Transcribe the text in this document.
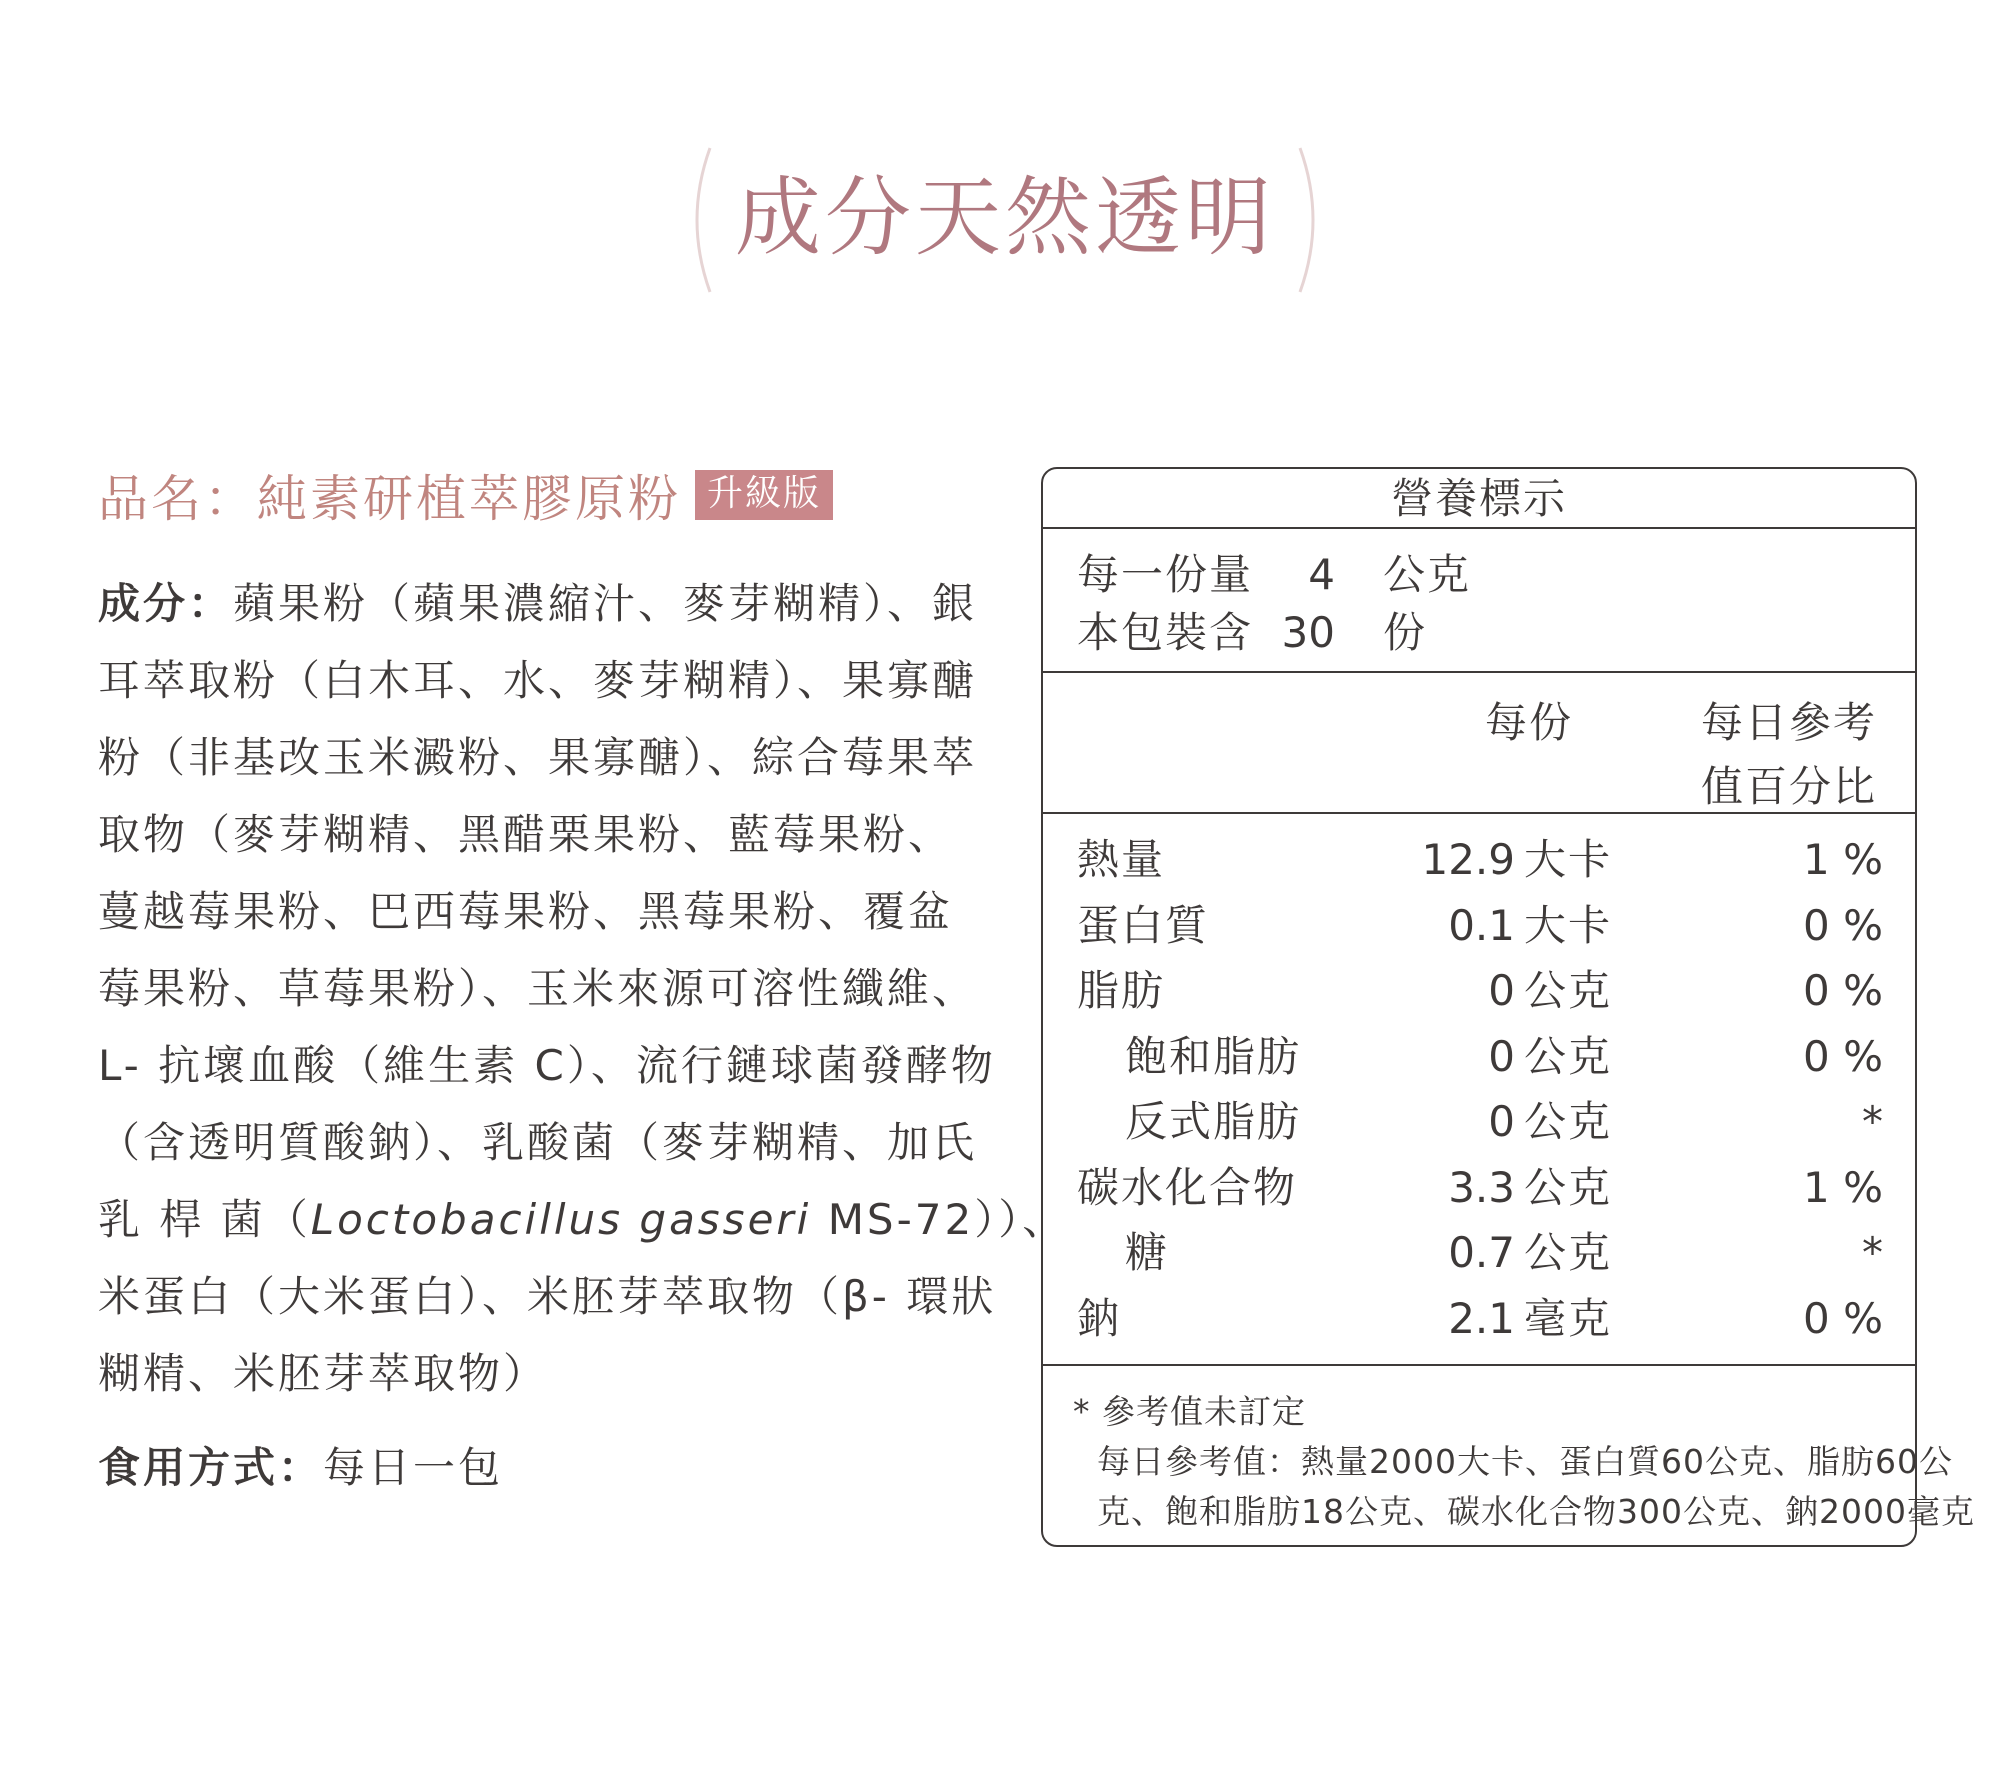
成分天然透明
品名：純素研植萃膠原粉 升級版
成分：蘋果粉（蘋果濃縮汁、麥芽糊精）、銀
耳萃取粉（白木耳、水、麥芽糊精）、果寡醣
粉（非基改玉米澱粉、果寡醣）、綜合莓果萃
取物（麥芽糊精、黑醋栗果粉、藍莓果粉、
蔓越莓果粉、巴西莓果粉、黑莓果粉、覆盆
莓果粉、草莓果粉）、玉米來源可溶性纖維、
L- 抗壞血酸（維生素 C）、流行鏈球菌發酵物
（含透明質酸鈉）、乳酸菌（麥芽糊精、加氏
乳 桿 菌（Loctobacillus gasseri MS-72））、
米蛋白（大米蛋白）、米胚芽萃取物（β- 環狀
糊精、米胚芽萃取物）
食用方式：每日一包
營養標示
每一份量	4 公克
本包裝含 30 份
每份	每日參考
值百分比
熱量	12.9 大卡	1 %
蛋白質	0.1 大卡	0 %
脂肪	0 公克	0 %
飽和脂肪	0 公克	0 %
反式脂肪	0 公克	*
碳水化合物	3.3 公克	1 %
糖	0.7 公克	*
鈉	2.1 毫克	0 %
* 參考值未訂定
每日參考值：熱量2000大卡、蛋白質60公克、脂肪60公
克、飽和脂肪18公克、碳水化合物300公克、鈉2000毫克
